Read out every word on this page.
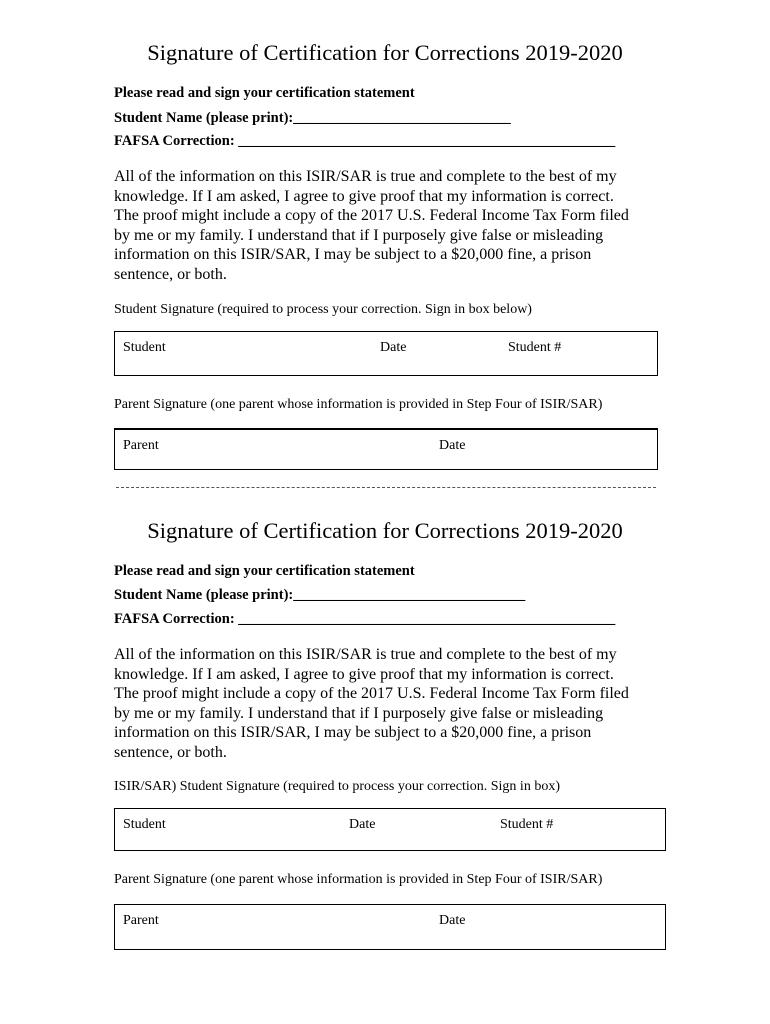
Signature of Certification for Corrections 2019-2020
Please read and sign your certification statement
Student Name (please print):______________________________
FAFSA Correction: ____________________________________________________
All of the information on this ISIR/SAR is true and complete to the best of my
knowledge. If I am asked, I agree to give proof that my information is correct.
The proof might include a copy of the 2017 U.S. Federal Income Tax Form filed
by me or my family. I understand that if I purposely give false or misleading
information on this ISIR/SAR, I may be subject to a $20,000 fine, a prison
sentence, or both.
Student Signature (required to process your correction. Sign in box below)
Student	Date	Student #
Parent Signature (one parent whose information is provided in Step Four of ISIR/SAR)
Parent	Date
Signature of Certification for Corrections 2019-2020
Please read and sign your certification statement
Student Name (please print):________________________________
FAFSA Correction: ____________________________________________________
All of the information on this ISIR/SAR is true and complete to the best of my
knowledge. If I am asked, I agree to give proof that my information is correct.
The proof might include a copy of the 2017 U.S. Federal Income Tax Form filed
by me or my family. I understand that if I purposely give false or misleading
information on this ISIR/SAR, I may be subject to a $20,000 fine, a prison
sentence, or both.
ISIR/SAR) Student Signature (required to process your correction. Sign in box)
Student	Date	Student #
Parent Signature (one parent whose information is provided in Step Four of ISIR/SAR)
Parent	Date
